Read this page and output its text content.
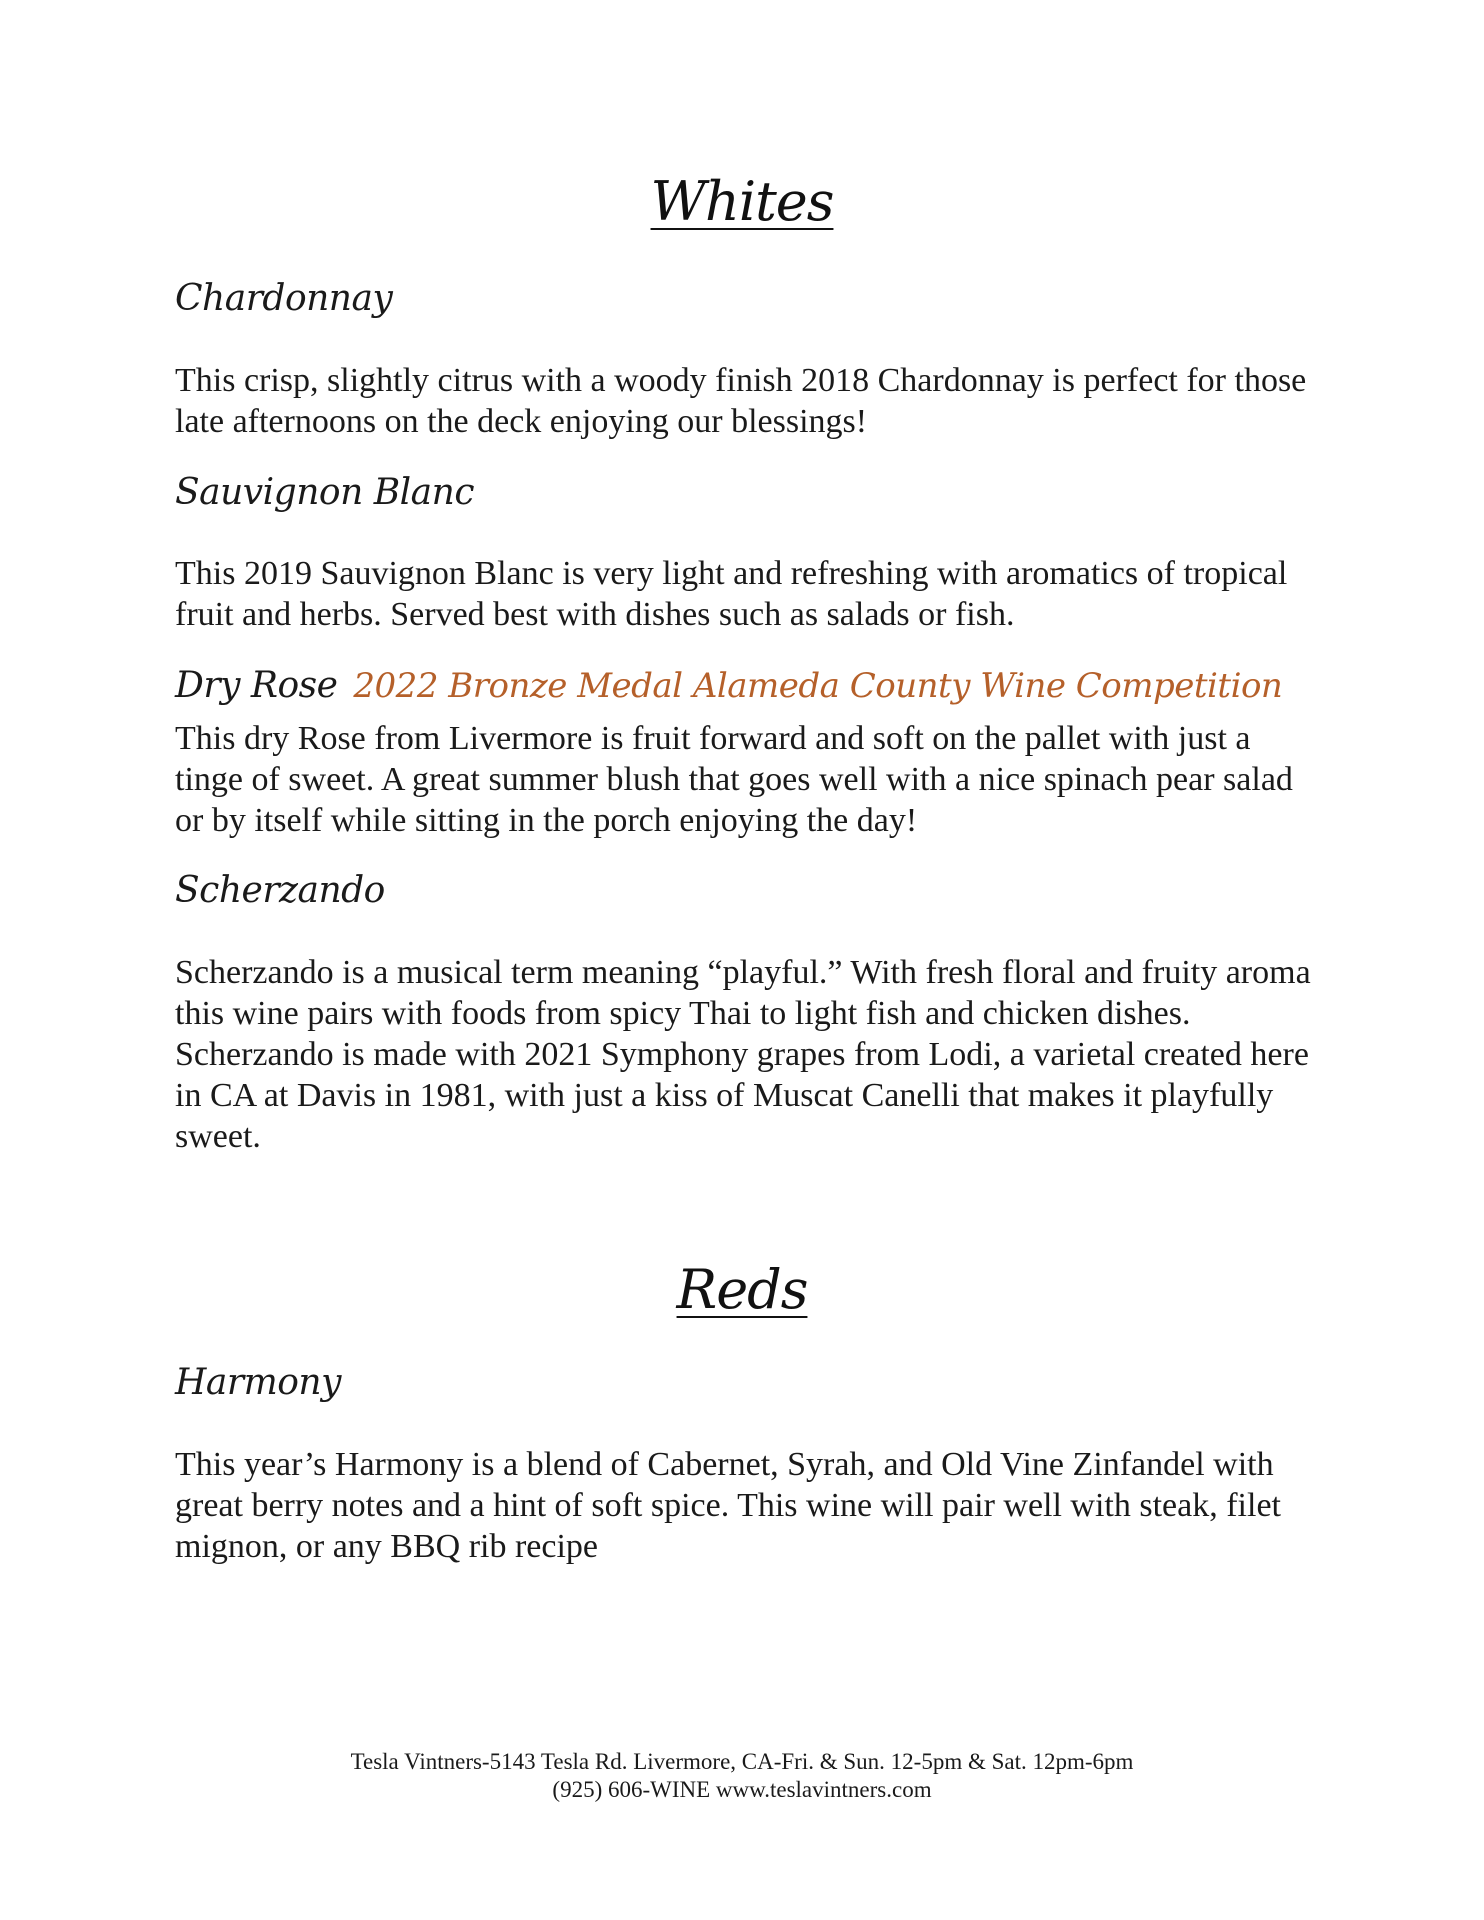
Whites
Chardonnay

This crisp, slightly citrus with a woody finish 2018 Chardonnay is perfect for those late afternoons on the deck enjoying our blessings!

Sauvignon Blanc

This 2019 Sauvignon Blanc is very light and refreshing with aromatics of tropical fruit and herbs. Served best with dishes such as salads or fish.

Dry Rose 2022 Bronze Medal Alameda County Wine Competition

This dry Rose from Livermore is fruit forward and soft on the pallet with just a tinge of sweet. A great summer blush that goes well with a nice spinach pear salad or by itself while sitting in the porch enjoying the day!

Scherzando

Scherzando is a musical term meaning “playful.” With fresh floral and fruity aroma this wine pairs with foods from spicy Thai to light fish and chicken dishes. Scherzando is made with 2021 Symphony grapes from Lodi, a varietal created here in CA at Davis in 1981, with just a kiss of Muscat Canelli that makes it playfully sweet.

Reds
Harmony

This year’s Harmony is a blend of Cabernet, Syrah, and Old Vine Zinfandel with great berry notes and a hint of soft spice. This wine will pair well with steak, filet mignon, or any BBQ rib recipe

Tesla Vintners-5143 Tesla Rd. Livermore, CA-Fri. & Sun. 12-5pm & Sat. 12pm-6pm
(925) 606-WINE www.teslavintners.com
